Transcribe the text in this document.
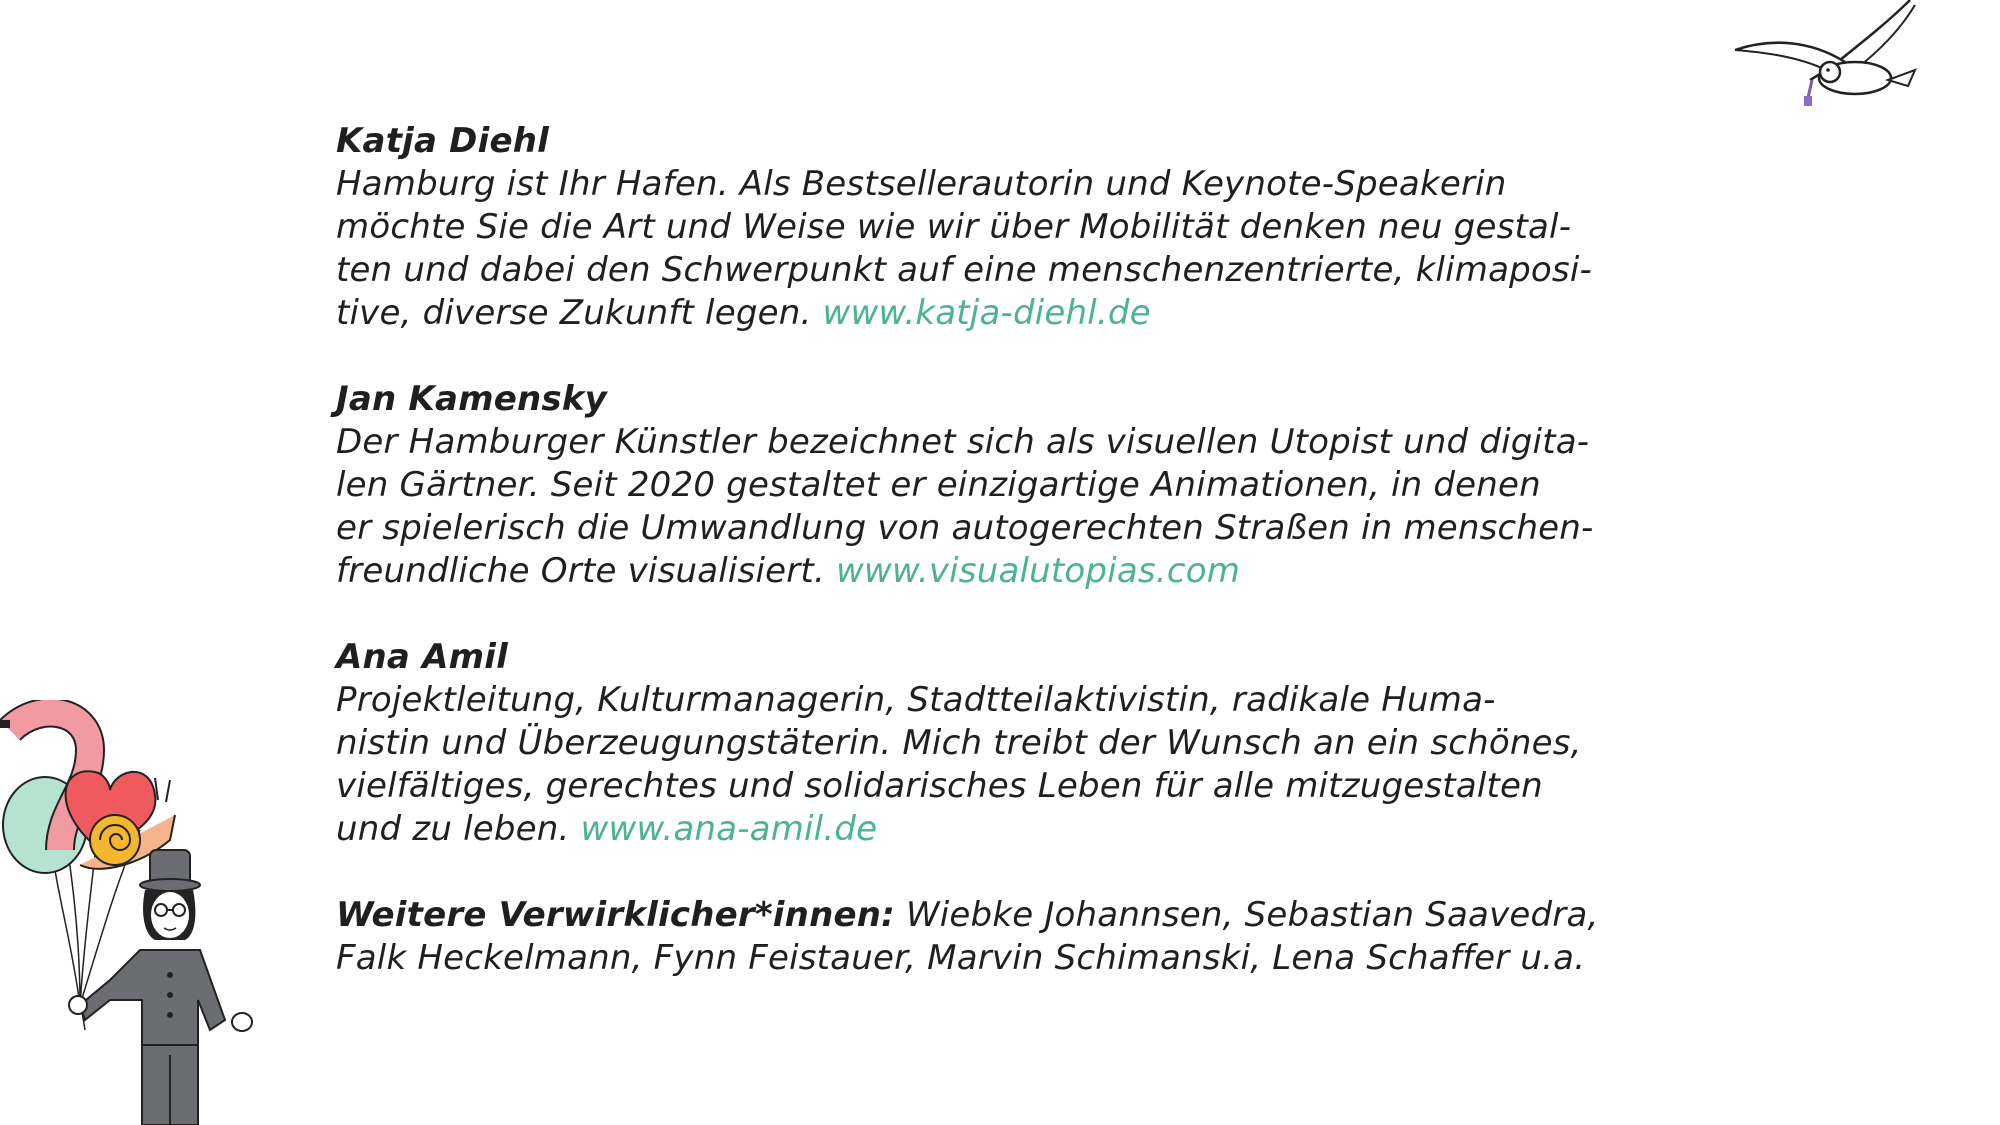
Katja Diehl
Hamburg ist Ihr Hafen. Als Bestsellerautorin und Keynote-Speakerin
möchte Sie die Art und Weise wie wir über Mobilität denken neu gestal-
ten und dabei den Schwerpunkt auf eine menschenzentrierte, klimaposi-
tive, diverse Zukunft legen. www.katja-diehl.de
Jan Kamensky
Der Hamburger Künstler bezeichnet sich als visuellen Utopist und digita-
len Gärtner. Seit 2020 gestaltet er einzigartige Animationen, in denen
er spielerisch die Umwandlung von autogerechten Straßen in menschen-
freundliche Orte visualisiert. www.visualutopias.com
Ana Amil
Projektleitung, Kulturmanagerin, Stadtteilaktivistin, radikale Huma-
nistin und Überzeugungstäterin. Mich treibt der Wunsch an ein schönes,
vielfältiges, gerechtes und solidarisches Leben für alle mitzugestalten
und zu leben. www.ana-amil.de
Weitere Verwirklicher*innen: Wiebke Johannsen, Sebastian Saavedra,
Falk Heckelmann, Fynn Feistauer, Marvin Schimanski, Lena Schaffer u.a.
